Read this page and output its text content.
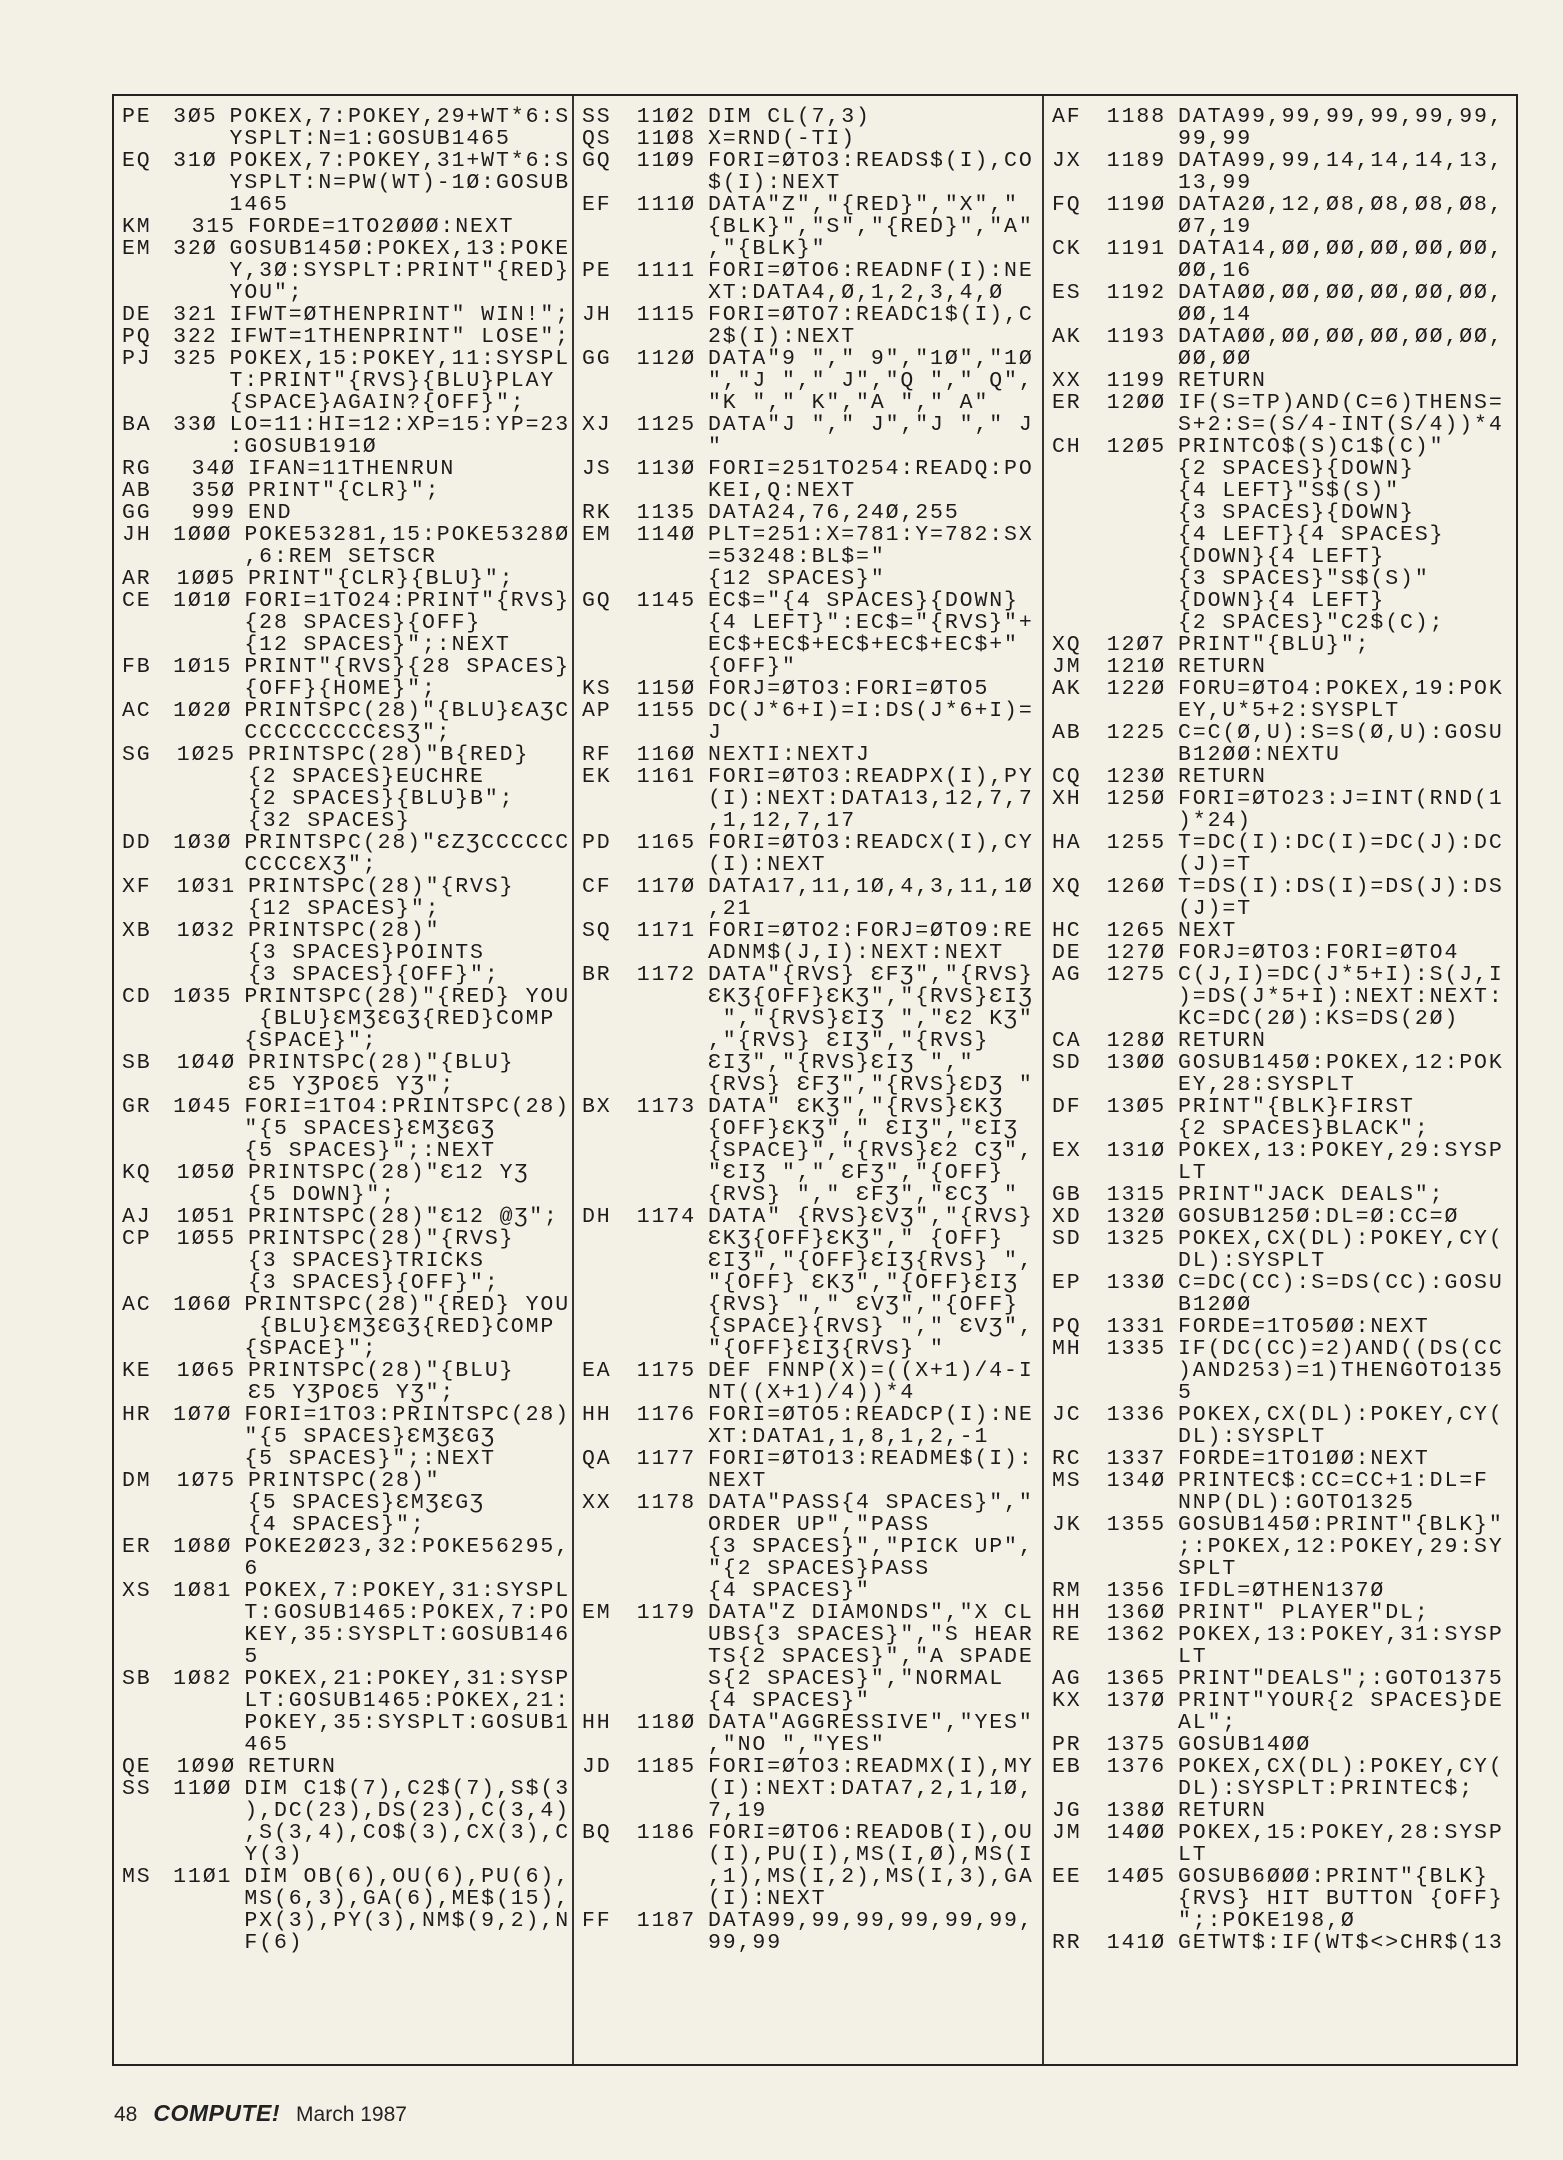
PE	3Ø5 POKEX,7:POKEY,29+WT*6:S
YSPLT:N=1:GOSUB1465
EQ	31Ø POKEX,7:POKEY,31+WT*6:S
YSPLT:N=PW(WT)-1Ø:GOSUB
1465
KM	315 FORDE=1TO2ØØØ:NEXT
EM	32Ø GOSUB145Ø:POKEX,13:POKE
Y,3Ø:SYSPLT:PRINT"{RED}
YOU";
DE	321 IFWT=ØTHENPRINT" WIN!";
PQ	322 IFWT=1THENPRINT" LOSE";
PJ	325 POKEX,15:POKEY,11:SYSPL
T:PRINT"{RVS}{BLU}PLAY
{SPACE}AGAIN?{OFF}";
BA	33Ø LO=11:HI=12:XP=15:YP=23
:GOSUB191Ø
RG	34Ø IFAN=11THENRUN
AB	35Ø PRINT"{CLR}";
GG	999 END
JH	1ØØØ POKE53281,15:POKE5328Ø
,6:REM SETSCR
AR	1ØØ5 PRINT"{CLR}{BLU}";
CE	1Ø1Ø FORI=1TO24:PRINT"{RVS}
{28 SPACES}{OFF}
{12 SPACES}";:NEXT
FB	1Ø15 PRINT"{RVS}{28 SPACES}
{OFF}{HOME}";
AC	1Ø2Ø PRINTSPC(28)"{BLU}ƐAƷC
CCCCCCCCCƐSƷ";
SG	1Ø25 PRINTSPC(28)"B{RED}
{2 SPACES}EUCHRE
{2 SPACES}{BLU}B";
{32 SPACES}
DD	1Ø3Ø PRINTSPC(28)"ƐZƷCCCCCC
CCCCƐXƷ";
XF	1Ø31 PRINTSPC(28)"{RVS}
{12 SPACES}";
XB	1Ø32 PRINTSPC(28)"
{3 SPACES}POINTS
{3 SPACES}{OFF}";
CD	1Ø35 PRINTSPC(28)"{RED} YOU
{BLU}ƐMƷƐGƷ{RED}COMP
{SPACE}";
SB	1Ø4Ø PRINTSPC(28)"{BLU}
Ɛ5 YƷPOƐ5 YƷ";
GR	1Ø45 FORI=1TO4:PRINTSPC(28)
"{5 SPACES}ƐMƷƐGƷ
{5 SPACES}";:NEXT
KQ	1Ø5Ø PRINTSPC(28)"Ɛ12 YƷ
{5 DOWN}";
AJ	1Ø51 PRINTSPC(28)"Ɛ12 @Ʒ";
CP	1Ø55 PRINTSPC(28)"{RVS}
{3 SPACES}TRICKS
{3 SPACES}{OFF}";
AC	1Ø6Ø PRINTSPC(28)"{RED} YOU
{BLU}ƐMƷƐGƷ{RED}COMP
{SPACE}";
KE	1Ø65 PRINTSPC(28)"{BLU}
Ɛ5 YƷPOƐ5 YƷ";
HR	1Ø7Ø FORI=1TO3:PRINTSPC(28)
"{5 SPACES}ƐMƷƐGƷ
{5 SPACES}";:NEXT
DM	1Ø75 PRINTSPC(28)"
{5 SPACES}ƐMƷƐGƷ
{4 SPACES}";
ER	1Ø8Ø POKE2Ø23,32:POKE56295,
6
XS	1Ø81 POKEX,7:POKEY,31:SYSPL
T:GOSUB1465:POKEX,7:PO
KEY,35:SYSPLT:GOSUB146
5
SB	1Ø82 POKEX,21:POKEY,31:SYSP
LT:GOSUB1465:POKEX,21:
POKEY,35:SYSPLT:GOSUB1
465
QE	1Ø9Ø RETURN
SS	11ØØ DIM C1$(7),C2$(7),S$(3
),DC(23),DS(23),C(3,4)
,S(3,4),CO$(3),CX(3),C
Y(3)
MS	11Ø1 DIM OB(6),OU(6),PU(6),
MS(6,3),GA(6),ME$(15),
PX(3),PY(3),NM$(9,2),N
F(6)
SS	11Ø2 DIM CL(7,3)
QS	11Ø8 X=RND(-TI)
GQ	11Ø9 FORI=ØTO3:READS$(I),CO
$(I):NEXT
EF	111Ø DATA"Z","{RED}","X","
{BLK}","S","{RED}","A"
,"{BLK}"
PE	1111 FORI=ØTO6:READNF(I):NE
XT:DATA4,Ø,1,2,3,4,Ø
JH	1115 FORI=ØTO7:READC1$(I),C
2$(I):NEXT
GG	112Ø DATA"9 "," 9","1Ø","1Ø
","J "," J","Q "," Q",
"K "," K","A "," A"
XJ	1125 DATA"J "," J","J "," J
"
JS	113Ø FORI=251TO254:READQ:PO
KEI,Q:NEXT
RK	1135 DATA24,76,24Ø,255
EM	114Ø PLT=251:X=781:Y=782:SX
=53248:BL$="
{12 SPACES}"
GQ	1145 EC$="{4 SPACES}{DOWN}
{4 LEFT}":EC$="{RVS}"+
EC$+EC$+EC$+EC$+EC$+"
{OFF}"
KS	115Ø FORJ=ØTO3:FORI=ØTO5
AP	1155 DC(J*6+I)=I:DS(J*6+I)=
J
RF	116Ø NEXTI:NEXTJ
EK	1161 FORI=ØTO3:READPX(I),PY
(I):NEXT:DATA13,12,7,7
,1,12,7,17
PD	1165 FORI=ØTO3:READCX(I),CY
(I):NEXT
CF	117Ø DATA17,11,1Ø,4,3,11,1Ø
,21
SQ	1171 FORI=ØTO2:FORJ=ØTO9:RE
ADNM$(J,I):NEXT:NEXT
BR	1172 DATA"{RVS} ƐFƷ","{RVS}
ƐKƷ{OFF}ƐKƷ","{RVS}ƐIƷ
","{RVS}ƐIƷ ","Ɛ2 KƷ"
,"{RVS} ƐIƷ","{RVS}
ƐIƷ","{RVS}ƐIƷ ","
{RVS} ƐFƷ","{RVS}ƐDƷ "
BX	1173 DATA" ƐKƷ","{RVS}ƐKƷ
{OFF}ƐKƷ"," ƐIƷ","ƐIƷ
{SPACE}","{RVS}Ɛ2 CƷ",
"ƐIƷ "," ƐFƷ","{OFF}
{RVS} "," ƐFƷ","ƐCƷ "
DH	1174 DATA" {RVS}ƐVƷ","{RVS}
ƐKƷ{OFF}ƐKƷ"," {OFF}
ƐIƷ","{OFF}ƐIƷ{RVS} ",
"{OFF} ƐKƷ","{OFF}ƐIƷ
{RVS} "," ƐVƷ","{OFF}
{SPACE}{RVS} "," ƐVƷ",
"{OFF}ƐIƷ{RVS} "
EA	1175 DEF FNNP(X)=((X+1)/4-I
NT((X+1)/4))*4
HH	1176 FORI=ØTO5:READCP(I):NE
XT:DATA1,1,8,1,2,-1
QA	1177 FORI=ØTO13:README$(I):
NEXT
XX	1178 DATA"PASS{4 SPACES}","
ORDER UP","PASS
{3 SPACES}","PICK UP",
"{2 SPACES}PASS
{4 SPACES}"
EM	1179 DATA"Z DIAMONDS","X CL
UBS{3 SPACES}","S HEAR
TS{2 SPACES}","A SPADE
S{2 SPACES}","NORMAL
{4 SPACES}"
HH	118Ø DATA"AGGRESSIVE","YES"
,"NO ","YES"
JD	1185 FORI=ØTO3:READMX(I),MY
(I):NEXT:DATA7,2,1,1Ø,
7,19
BQ	1186 FORI=ØTO6:READOB(I),OU
(I),PU(I),MS(I,Ø),MS(I
,1),MS(I,2),MS(I,3),GA
(I):NEXT
FF	1187 DATA99,99,99,99,99,99,
99,99
AF	1188 DATA99,99,99,99,99,99,
99,99
JX	1189 DATA99,99,14,14,14,13,
13,99
FQ	119Ø DATA2Ø,12,Ø8,Ø8,Ø8,Ø8,
Ø7,19
CK	1191 DATA14,ØØ,ØØ,ØØ,ØØ,ØØ,
ØØ,16
ES	1192 DATAØØ,ØØ,ØØ,ØØ,ØØ,ØØ,
ØØ,14
AK	1193 DATAØØ,ØØ,ØØ,ØØ,ØØ,ØØ,
ØØ,ØØ
XX	1199 RETURN
ER	12ØØ IF(S=TP)AND(C=6)THENS=
S+2:S=(S/4-INT(S/4))*4
CH	12Ø5 PRINTCO$(S)C1$(C)"
{2 SPACES}{DOWN}
{4 LEFT}"S$(S)"
{3 SPACES}{DOWN}
{4 LEFT}{4 SPACES}
{DOWN}{4 LEFT}
{3 SPACES}"S$(S)"
{DOWN}{4 LEFT}
{2 SPACES}"C2$(C);
XQ	12Ø7 PRINT"{BLU}";
JM	121Ø RETURN
AK	122Ø FORU=ØTO4:POKEX,19:POK
EY,U*5+2:SYSPLT
AB	1225 C=C(Ø,U):S=S(Ø,U):GOSU
B12ØØ:NEXTU
CQ	123Ø RETURN
XH	125Ø FORI=ØTO23:J=INT(RND(1
)*24)
HA	1255 T=DC(I):DC(I)=DC(J):DC
(J)=T
XQ	126Ø T=DS(I):DS(I)=DS(J):DS
(J)=T
HC	1265 NEXT
DE	127Ø FORJ=ØTO3:FORI=ØTO4
AG	1275 C(J,I)=DC(J*5+I):S(J,I
)=DS(J*5+I):NEXT:NEXT:
KC=DC(2Ø):KS=DS(2Ø)
CA	128Ø RETURN
SD	13ØØ GOSUB145Ø:POKEX,12:POK
EY,28:SYSPLT
DF	13Ø5 PRINT"{BLK}FIRST
{2 SPACES}BLACK";
EX	131Ø POKEX,13:POKEY,29:SYSP
LT
GB	1315 PRINT"JACK DEALS";
XD	132Ø GOSUB125Ø:DL=Ø:CC=Ø
SD	1325 POKEX,CX(DL):POKEY,CY(
DL):SYSPLT
EP	133Ø C=DC(CC):S=DS(CC):GOSU
B12ØØ
PQ	1331 FORDE=1TO5ØØ:NEXT
MH	1335 IF(DC(CC)=2)AND((DS(CC
)AND253)=1)THENGOTO135
5
JC	1336 POKEX,CX(DL):POKEY,CY(
DL):SYSPLT
RC	1337 FORDE=1TO1ØØ:NEXT
MS	134Ø PRINTEC$:CC=CC+1:DL=F
NNP(DL):GOTO1325
JK	1355 GOSUB145Ø:PRINT"{BLK}"
;:POKEX,12:POKEY,29:SY
SPLT
RM	1356 IFDL=ØTHEN137Ø
HH	136Ø PRINT" PLAYER"DL;
RE	1362 POKEX,13:POKEY,31:SYSP
LT
AG	1365 PRINT"DEALS";:GOTO1375
KX	137Ø PRINT"YOUR{2 SPACES}DE
AL";
PR	1375 GOSUB14ØØ
EB	1376 POKEX,CX(DL):POKEY,CY(
DL):SYSPLT:PRINTEC$;
JG	138Ø RETURN
JM	14ØØ POKEX,15:POKEY,28:SYSP
LT
EE	14Ø5 GOSUB6ØØØ:PRINT"{BLK}
{RVS} HIT BUTTON {OFF}
";:POKE198,Ø
RR	141Ø GETWT$:IF(WT$<>CHR$(13
48 COMPUTE! March 1987
